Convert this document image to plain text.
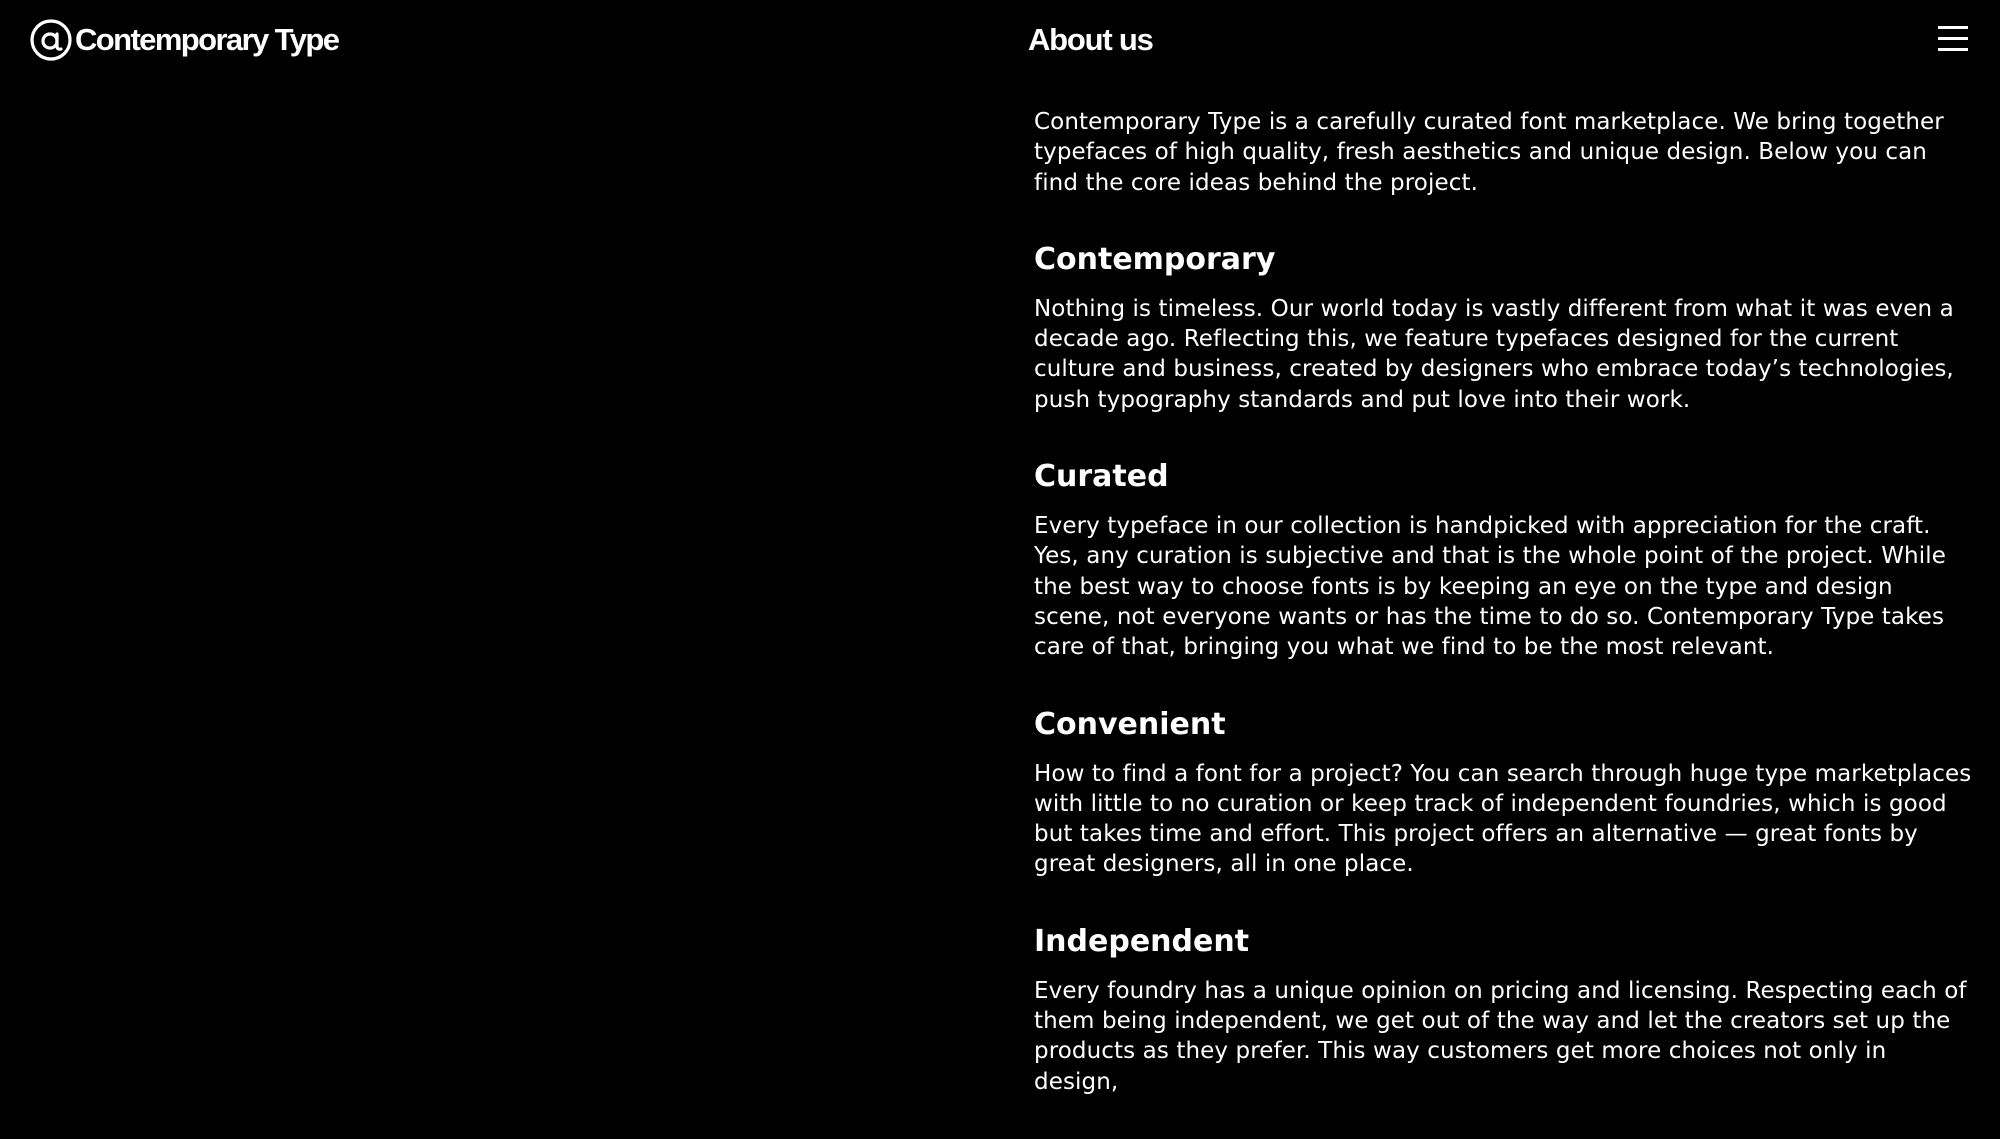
Contemporary Type	About us

Contemporary Type is a carefully curated font marketplace. We bring together typefaces of high quality, fresh aesthetics and unique design. Below you can find the core ideas behind the project.

Contemporary

Nothing is timeless. Our world today is vastly different from what it was even a decade ago. Reflecting this, we feature typefaces designed for the current culture and business, created by designers who embrace today’s technologies, push typography standards and put love into their work.

Curated

Every typeface in our collection is handpicked with appreciation for the craft. Yes, any curation is subjective and that is the whole point of the project. While the best way to choose fonts is by keeping an eye on the type and design scene, not everyone wants or has the time to do so. Contemporary Type takes care of that, bringing you what we find to be the most relevant.

Convenient

How to find a font for a project? You can search through huge type marketplaces with little to no curation or keep track of independent foundries, which is good but takes time and effort. This project offers an alternative — great fonts by great designers, all in one place.

Independent

Every foundry has a unique opinion on pricing and licensing. Respecting each of them being independent, we get out of the way and let the creators set up the products as they prefer. This way customers get more choices not only in design,
